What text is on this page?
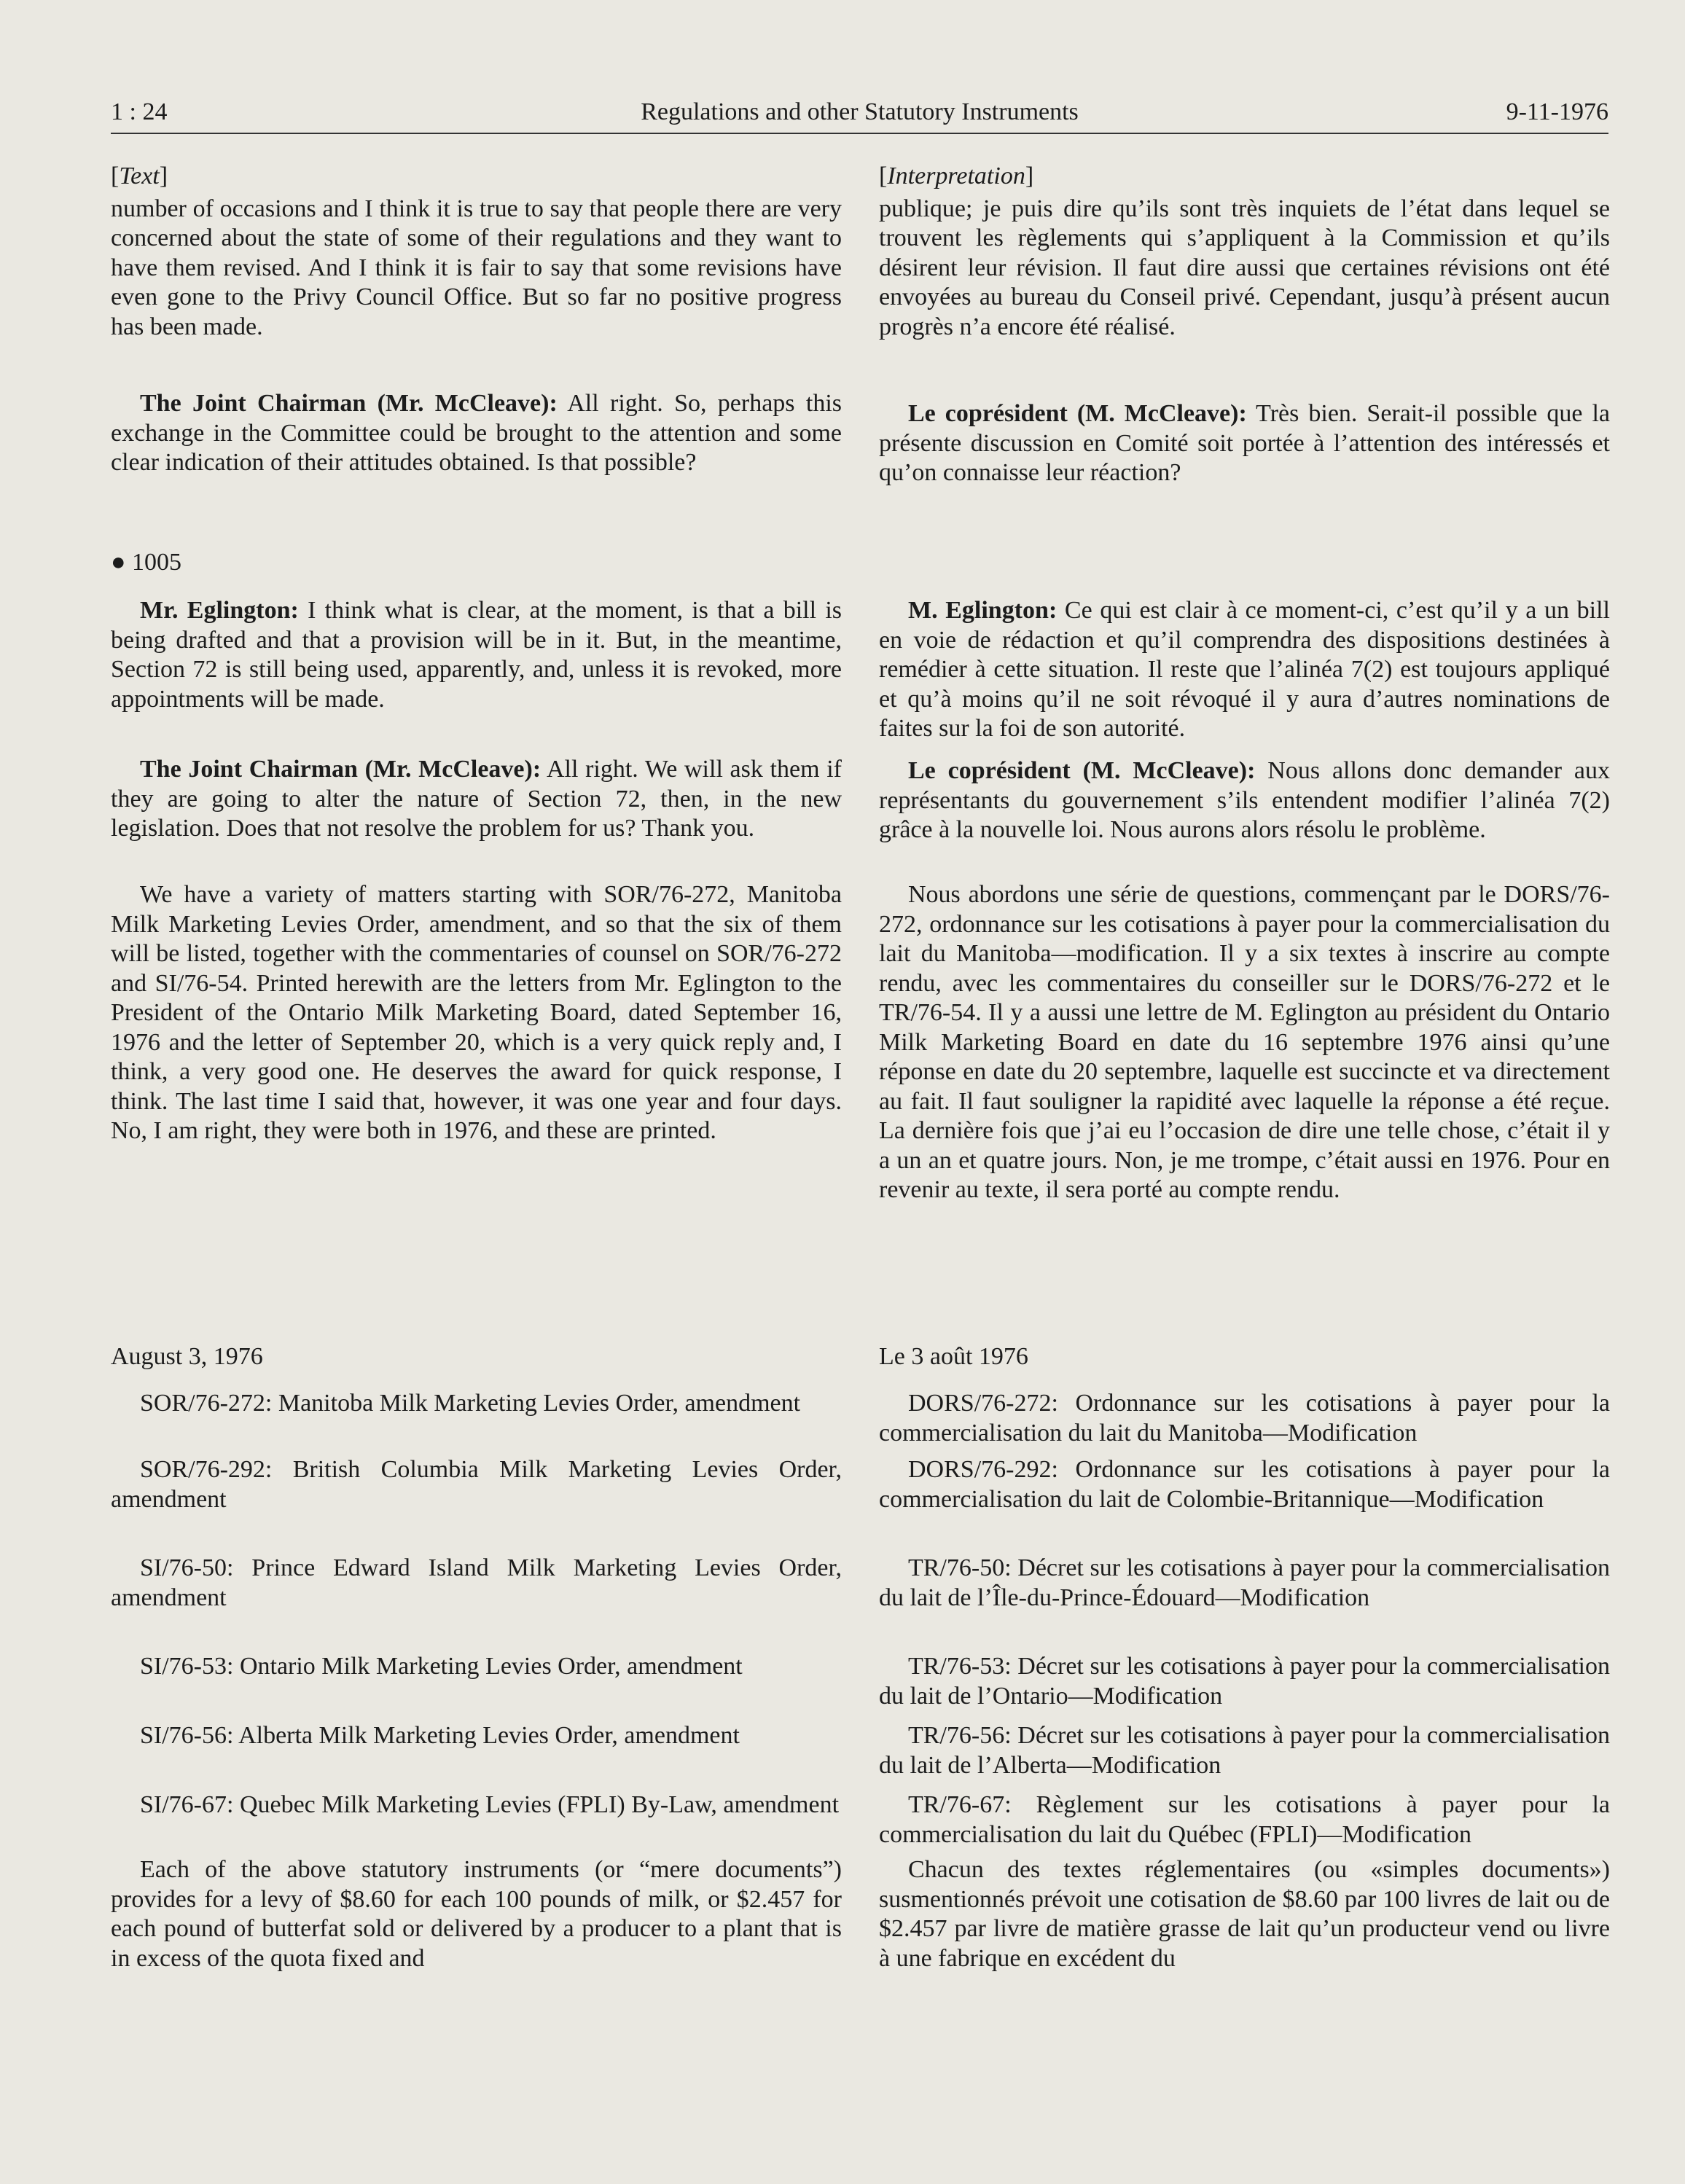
1 : 24	Regulations and other Statutory Instruments	9-11-1976

[Text]

number of occasions and I think it is true to say that people there are very concerned about the state of some of their regulations and they want to have them revised. And I think it is fair to say that some revisions have even gone to the Privy Council Office. But so far no positive progress has been made.

The Joint Chairman (Mr. McCleave): All right. So, perhaps this exchange in the Committee could be brought to the attention and some clear indication of their attitudes obtained. Is that possible?

● 1005

Mr. Eglington: I think what is clear, at the moment, is that a bill is being drafted and that a provision will be in it. But, in the meantime, Section 72 is still being used, apparently, and, unless it is revoked, more appointments will be made.

The Joint Chairman (Mr. McCleave): All right. We will ask them if they are going to alter the nature of Section 72, then, in the new legislation. Does that not resolve the problem for us? Thank you.

We have a variety of matters starting with SOR/76-272, Manitoba Milk Marketing Levies Order, amendment, and so that the six of them will be listed, together with the commentaries of counsel on SOR/76-272 and SI/76-54. Printed herewith are the letters from Mr. Eglington to the President of the Ontario Milk Marketing Board, dated September 16, 1976 and the letter of September 20, which is a very quick reply and, I think, a very good one. He deserves the award for quick response, I think. The last time I said that, however, it was one year and four days. No, I am right, they were both in 1976, and these are printed.

August 3, 1976

SOR/76-272: Manitoba Milk Marketing Levies Order, amendment

SOR/76-292: British Columbia Milk Marketing Levies Order, amendment

SI/76-50: Prince Edward Island Milk Marketing Levies Order, amendment

SI/76-53: Ontario Milk Marketing Levies Order, amendment

SI/76-56: Alberta Milk Marketing Levies Order, amendment

SI/76-67: Quebec Milk Marketing Levies (FPLI) By-Law, amendment

Each of the above statutory instruments (or “mere documents”) provides for a levy of $8.60 for each 100 pounds of milk, or $2.457 for each pound of butterfat sold or delivered by a producer to a plant that is in excess of the quota fixed and

[Interpretation]

publique; je puis dire qu’ils sont très inquiets de l’état dans lequel se trouvent les règlements qui s’appliquent à la Commission et qu’ils désirent leur révision. Il faut dire aussi que certaines révisions ont été envoyées au bureau du Conseil privé. Cependant, jusqu’à présent aucun progrès n’a encore été réalisé.

Le coprésident (M. McCleave): Très bien. Serait-il possible que la présente discussion en Comité soit portée à l’attention des intéressés et qu’on connaisse leur réaction?

M. Eglington: Ce qui est clair à ce moment-ci, c’est qu’il y a un bill en voie de rédaction et qu’il comprendra des dispositions destinées à remédier à cette situation. Il reste que l’alinéa 7(2) est toujours appliqué et qu’à moins qu’il ne soit révoqué il y aura d’autres nominations de faites sur la foi de son autorité.

Le coprésident (M. McCleave): Nous allons donc demander aux représentants du gouvernement s’ils entendent modifier l’alinéa 7(2) grâce à la nouvelle loi. Nous aurons alors résolu le problème.

Nous abordons une série de questions, commençant par le DORS/76-272, ordonnance sur les cotisations à payer pour la commercialisation du lait du Manitoba—modification. Il y a six textes à inscrire au compte rendu, avec les commentaires du conseiller sur le DORS/76-272 et le TR/76-54. Il y a aussi une lettre de M. Eglington au président du Ontario Milk Marketing Board en date du 16 septembre 1976 ainsi qu’une réponse en date du 20 septembre, laquelle est succincte et va directement au fait. Il faut souligner la rapidité avec laquelle la réponse a été reçue. La dernière fois que j’ai eu l’occasion de dire une telle chose, c’était il y a un an et quatre jours. Non, je me trompe, c’était aussi en 1976. Pour en revenir au texte, il sera porté au compte rendu.

Le 3 août 1976

DORS/76-272: Ordonnance sur les cotisations à payer pour la commercialisation du lait du Manitoba—Modification

DORS/76-292: Ordonnance sur les cotisations à payer pour la commercialisation du lait de Colombie-Britannique—Modification

TR/76-50: Décret sur les cotisations à payer pour la commercialisation du lait de l’Île-du-Prince-Édouard—Modification

TR/76-53: Décret sur les cotisations à payer pour la commercialisation du lait de l’Ontario—Modification

TR/76-56: Décret sur les cotisations à payer pour la commercialisation du lait de l’Alberta—Modification

TR/76-67: Règlement sur les cotisations à payer pour la commercialisation du lait du Québec (FPLI)—Modification

Chacun des textes réglementaires (ou «simples documents») susmentionnés prévoit une cotisation de $8.60 par 100 livres de lait ou de $2.457 par livre de matière grasse de lait qu’un producteur vend ou livre à une fabrique en excédent du
